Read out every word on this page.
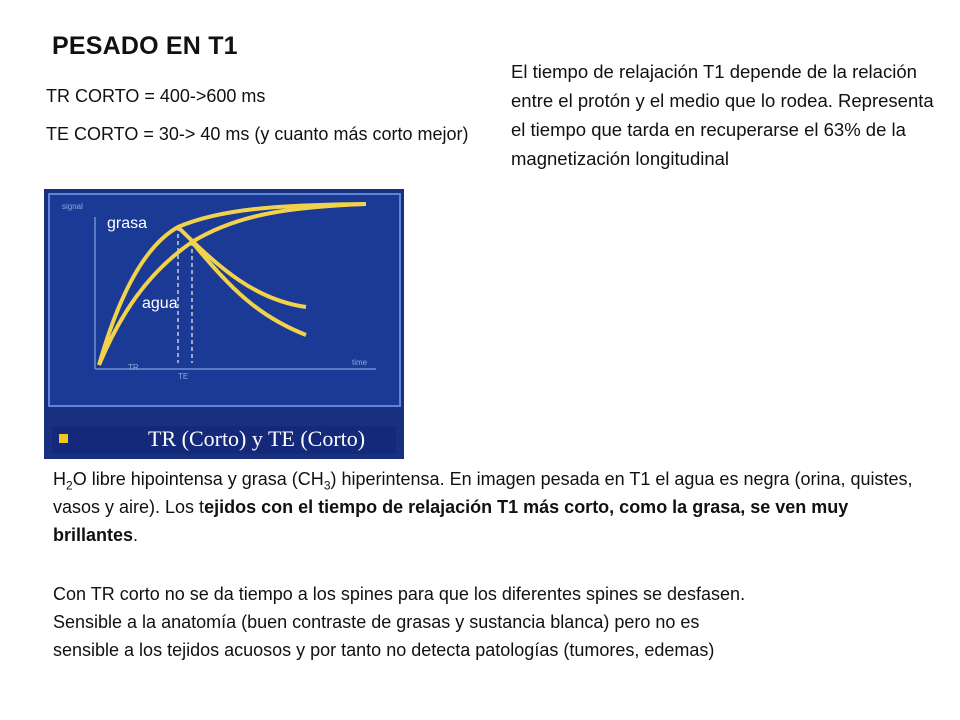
PESADO EN T1
TR CORTO = 400->600 ms
TE CORTO = 30-> 40 ms (y cuanto más corto mejor)
El tiempo de relajación T1 depende de la relación entre el protón y el medio que lo rodea. Representa el tiempo que tarda en recuperarse el 63% de la magnetización longitudinal
signal
time
TR
TE
grasa
agua
TR (Corto) y TE (Corto)
$H_2O$ libre hipointensa y grasa $(CH_3)$ hiperintensa. En imagen pesada en T1 el agua es negra (orina, quistes, vasos y aire). Los tejidos con el tiempo de relajación T1 más corto, como la grasa, se ven muy brillantes.
Con TR corto no se da tiempo a los spines para que los diferentes spines se desfasen.
Sensible a la anatomía (buen contraste de grasas y sustancia blanca) pero no es
sensible a los tejidos acuosos y por tanto no detecta patologías (tumores, edemas)
